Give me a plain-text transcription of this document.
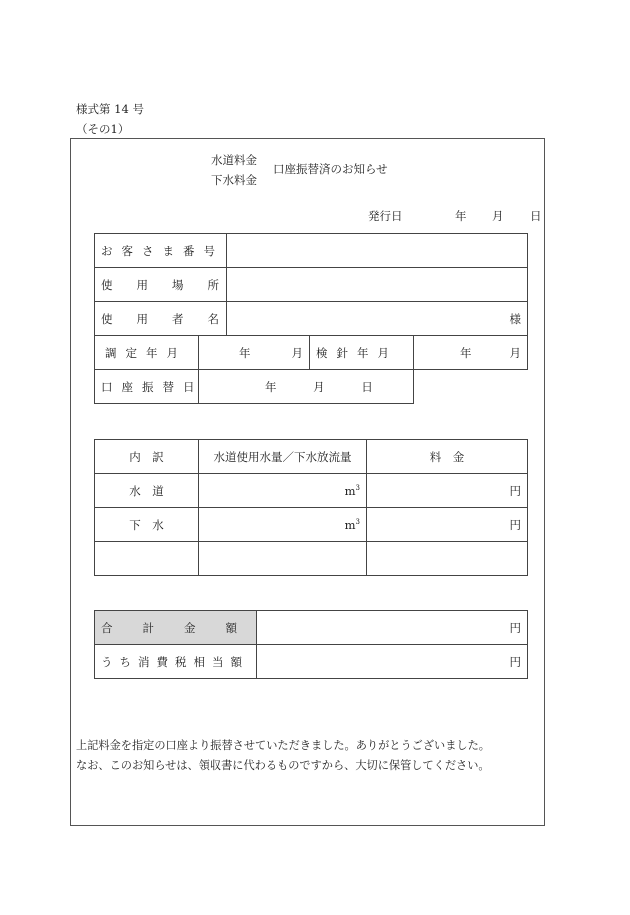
様式第 14 号
（その1）
水道料金
下水料金
口座振替済のお知らせ
発行日	年 月 日
お客さま番号				
使用場所				
使用者名		様		
調定年月	年 月		検針年月	年 月

口座振替日	年 月 日			
内　訳	水道使用水量／下水放流量	料　金
水　道	$m^3$	円
下　水	$m^3$	円

合計金額	円
うち消費税相当額	円
上記料金を指定の口座より振替させていただきました。ありがとうございました。
なお、このお知らせは、領収書に代わるものですから、大切に保管してください。
